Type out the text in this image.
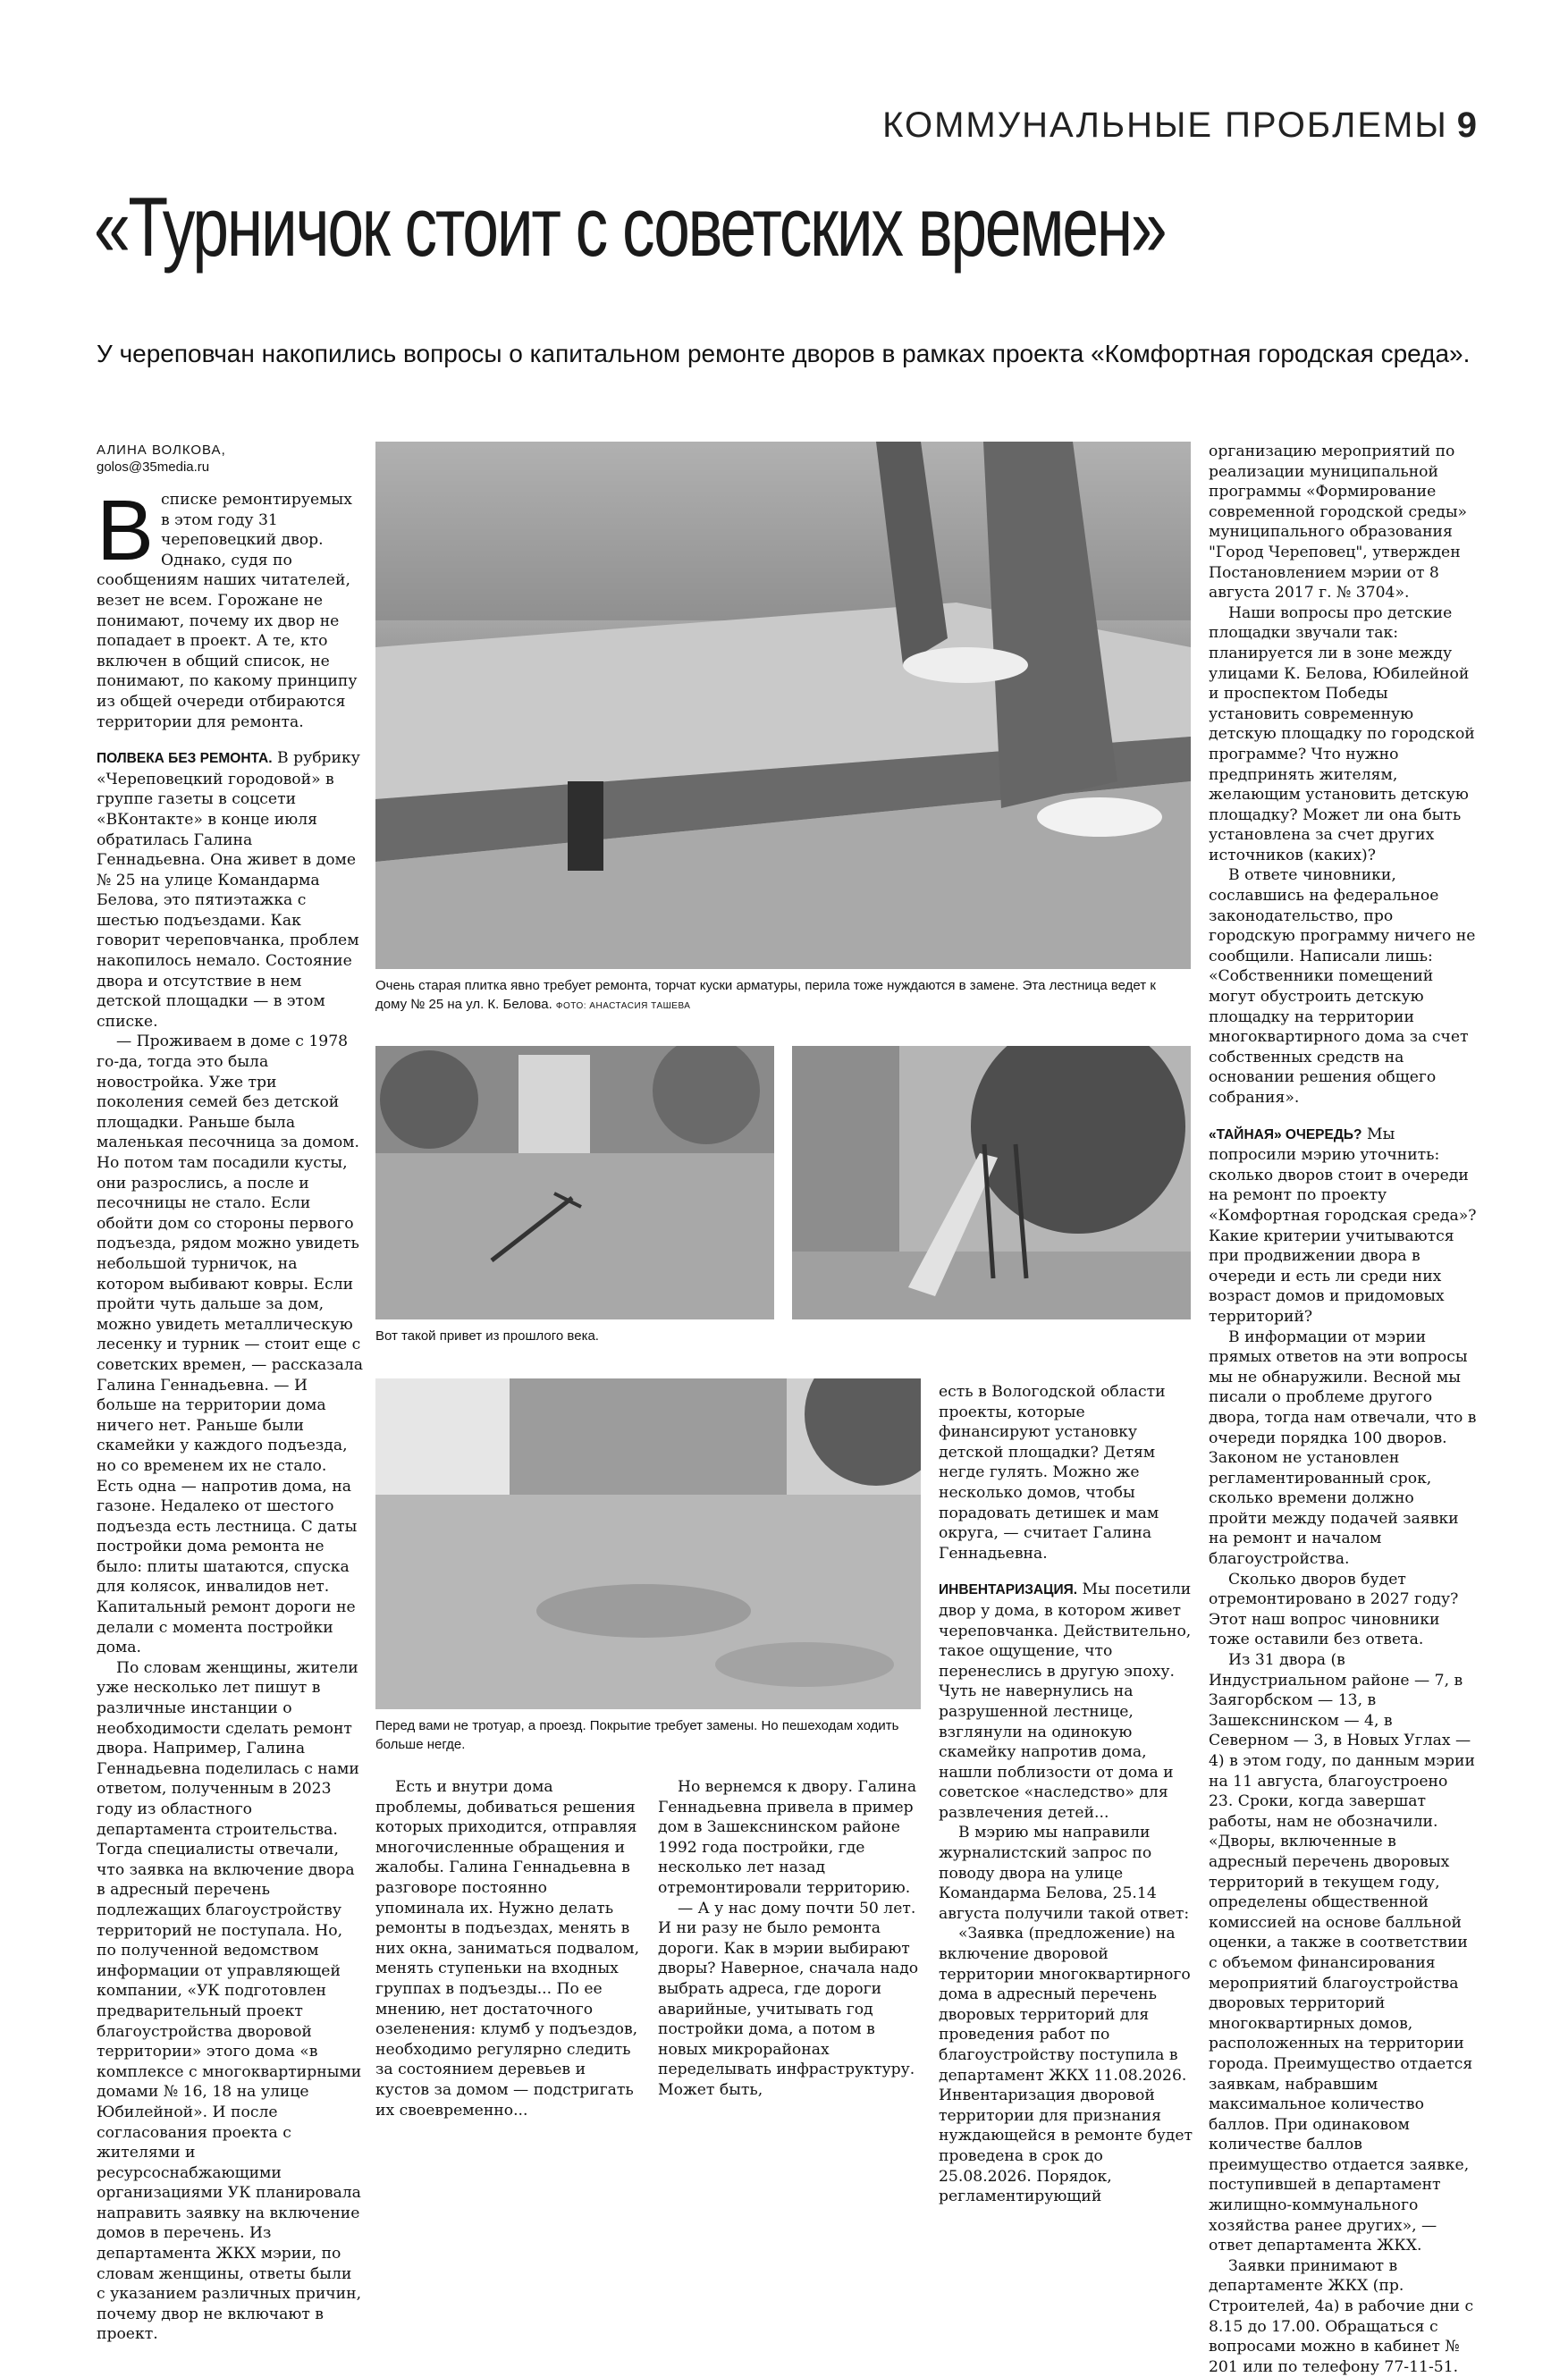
КОММУНАЛЬНЫЕ ПРОБЛЕМЫ 9
«Турничок стоит с советских времен»
У череповчан накопились вопросы о капитальном ремонте дворов в рамках проекта «Комфортная городская среда».
АЛИНА ВОЛКОВА,
golos@35media.ru
В списке ремонтируемых в этом году 31 череповецкий двор. Однако, судя по сообщениям наших читателей, везет не всем. Горожане не понимают, почему их двор не попадает в проект. А те, кто включен в общий список, не понимают, по какому принципу из общей очереди отбираются территории для ремонта.

ПОЛВЕКА БЕЗ РЕМОНТА. В рубрику «Череповецкий городовой» в группе газеты в соцсети «ВКонтакте» в конце июля обратилась Галина Геннадьевна. Она живет в доме № 25 на улице Командарма Белова, это пятиэтажка с шестью подъездами. Как говорит череповчанка, проблем накопилось немало. Состояние двора и отсутствие в нем детской площадки — в этом списке.

— Проживаем в доме с 1978 го-да, тогда это была новостройка. Уже три поколения семей без детской площадки. Раньше была маленькая песочница за домом. Но потом там посадили кусты, они разрослись, а после и песочницы не стало. Если обойти дом со стороны первого подъезда, рядом можно увидеть небольшой турничок, на котором выбивают ковры. Если пройти чуть дальше за дом, можно увидеть металлическую лесенку и турник — стоит еще с советских времен, — рассказала Галина Геннадьевна. — И больше на территории дома ничего нет. Раньше были скамейки у каждого подъезда, но со временем их не стало. Есть одна — напротив дома, на газоне. Недалеко от шестого подъезда есть лестница. С даты постройки дома ремонта не было: плиты шатаются, спуска для колясок, инвалидов нет. Капитальный ремонт дороги не делали с момента постройки дома.

По словам женщины, жители уже несколько лет пишут в различные инстанции о необходимости сделать ремонт двора. Например, Галина Геннадьевна поделилась с нами ответом, полученным в 2023 году из областного департамента строительства. Тогда специалисты отвечали, что заявка на включение двора в адресный перечень подлежащих благоустройству территорий не поступала. Но, по полученной ведомством информации от управляющей компании, «УК подготовлен предварительный проект благоустройства дворовой территории» этого дома «в комплексе с многоквартирными домами № 16, 18 на улице Юбилейной». И после согласования проекта с жителями и ресурсоснабжающими организациями УК планировала направить заявку на включение домов в перечень. Из департамента ЖКХ мэрии, по словам женщины, ответы были с указанием различных причин, почему двор не включают в проект.

Очень старая плитка явно требует ремонта, торчат куски арматуры, перила тоже нуждаются в замене. Эта лестница ведет к дому № 25 на ул. К. Белова. ФОТО: АНАСТАСИЯ ТАШЕВА
Вот такой привет из прошлого века.
Перед вами не тротуар, а проезд. Покрытие требует замены. Но пешеходам ходить больше негде.

Есть и внутри дома проблемы, добиваться решения которых приходится, отправляя многочисленные обращения и жалобы. Галина Геннадьевна в разговоре постоянно упоминала их. Нужно делать ремонты в подъездах, менять в них окна, заниматься подвалом, менять ступеньки на входных группах в подъезды... По ее мнению, нет достаточного озеленения: клумб у подъездов, необходимо регулярно следить за состоянием деревьев и кустов за домом — подстригать их своевременно...

Но вернемся к двору. Галина Геннадьевна привела в пример дом в Зашекснинском районе 1992 года постройки, где несколько лет назад отремонтировали территорию.

— А у нас дому почти 50 лет. И ни разу не было ремонта дороги. Как в мэрии выбирают дворы? Наверное, сначала надо выбрать адреса, где дороги аварийные, учитывать год постройки дома, а потом в новых микрорайонах переделывать инфраструктуру. Может быть,

есть в Вологодской области проекты, которые финансируют установку детской площадки? Детям негде гулять. Можно же несколько домов, чтобы порадовать детишек и мам округа, — считает Галина Геннадьевна.

ИНВЕНТАРИЗАЦИЯ. Мы посетили двор у дома, в котором живет череповчанка. Действительно, такое ощущение, что перенеслись в другую эпоху. Чуть не навернулись на разрушенной лестнице, взглянули на одинокую скамейку напротив дома, нашли поблизости от дома и советское «наследство» для развлечения детей...

В мэрию мы направили журналистский запрос по поводу двора на улице Командарма Белова, 25.14 августа получили такой ответ:

«Заявка (предложение) на включение дворовой территории многоквартирного дома в адресный перечень дворовых территорий для проведения работ по благоустройству поступила в департамент ЖКХ 11.08.2026. Инвентаризация дворовой территории для признания нуждающейся в ремонте будет проведена в срок до 25.08.2026. Порядок, регламентирующий

организацию мероприятий по реализации муниципальной программы «Формирование современной городской среды» муниципального образования "Город Череповец", утвержден Постановлением мэрии от 8 августа 2017 г. № 3704».

Наши вопросы про детские площадки звучали так: планируется ли в зоне между улицами К. Белова, Юбилейной и проспектом Победы установить современную детскую площадку по городской программе? Что нужно предпринять жителям, желающим установить детскую площадку? Может ли она быть установлена за счет других источников (каких)?

В ответе чиновники, сославшись на федеральное законодательство, про городскую программу ничего не сообщили. Написали лишь: «Собственники помещений могут обустроить детскую площадку на территории многоквартирного дома за счет собственных средств на основании решения общего собрания».

«ТАЙНАЯ» ОЧЕРЕДЬ? Мы попросили мэрию уточнить: сколько дворов стоит в очереди на ремонт по проекту «Комфортная городская среда»? Какие критерии учитываются при продвижении двора в очереди и есть ли среди них возраст домов и придомовых территорий?

В информации от мэрии прямых ответов на эти вопросы мы не обнаружили. Весной мы писали о проблеме другого двора, тогда нам отвечали, что в очереди порядка 100 дворов. Законом не установлен регламентированный срок, сколько времени должно пройти между подачей заявки на ремонт и началом благоустройства.

Сколько дворов будет отремонтировано в 2027 году? Этот наш вопрос чиновники тоже оставили без ответа.

Из 31 двора (в Индустриальном районе — 7, в Заягорбском — 13, в Зашекснинском — 4, в Северном — 3, в Новых Углах — 4) в этом году, по данным мэрии на 11 августа, благоустроено 23. Сроки, когда завершат работы, нам не обозначили. «Дворы, включенные в адресный перечень дворовых территорий в текущем году, определены общественной комиссией на основе балльной оценки, а также в соответствии с объемом финансирования мероприятий благоустройства дворовых территорий многоквартирных домов, расположенных на территории города. Преимущество отдается заявкам, набравшим максимальное количество баллов. При одинаковом количестве баллов преимущество отдается заявке, поступившей в департамент жилищно-коммунального хозяйства ранее других», — ответ департамента ЖКХ.

Заявки принимают в департаменте ЖКХ (пр. Строителей, 4а) в рабочие дни с 8.15 до 17.00. Обращаться с вопросами можно в кабинет № 201 или по телефону 77-11-51.
